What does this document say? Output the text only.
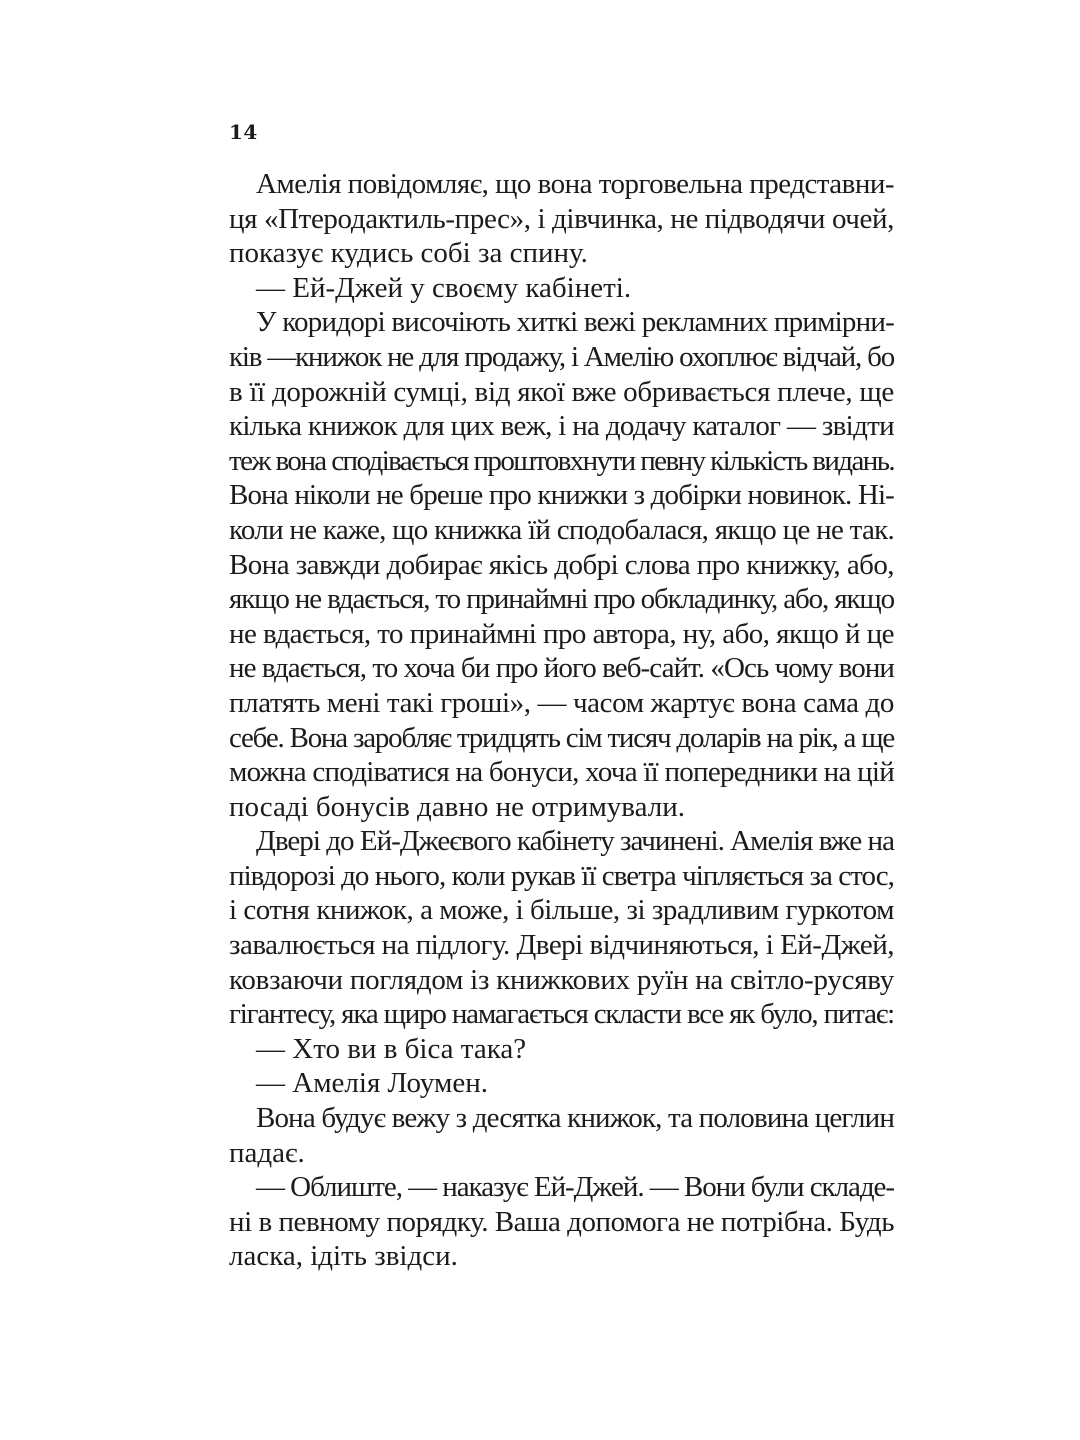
14
Амелія повідомляє, що вона торговельна представни-
ця «Птеродактиль-прес», і дівчинка, не підводячи очей,
показує кудись собі за спину.
— Ей-Джей у своєму кабінеті.
У коридорі височіють хиткі вежі рекламних примірни-
ків —книжок не для продажу, і Амелію охоплює відчай, бо
в її дорожній сумці, від якої вже обривається плече, ще
кілька книжок для цих веж, і на додачу каталог — звідти
теж вона сподівається проштовхнути певну кількість видань.
Вона ніколи не бреше про книжки з добірки новинок. Ні-
коли не каже, що книжка їй сподобалася, якщо це не так.
Вона завжди добирає якісь добрі слова про книжку, або,
якщо не вдається, то принаймні про обкладинку, або, якщо
не вдається, то принаймні про автора, ну, або, якщо й це
не вдається, то хоча би про його веб-сайт. «Ось чому вони
платять мені такі гроші», — часом жартує вона сама до
себе. Вона заробляє тридцять сім тисяч доларів на рік, а ще
можна сподіватися на бонуси, хоча її попередники на цій
посаді бонусів давно не отримували.
Двері до Ей-Джеєвого кабінету зачинені. Амелія вже на
півдорозі до нього, коли рукав її светра чіпляється за стос,
і сотня книжок, а може, і більше, зі зрадливим гуркотом
завалюється на підлогу. Двері відчиняються, і Ей-Джей,
ковзаючи поглядом із книжкових руїн на світло-русяву
гігантесу, яка щиро намагається скласти все як було, питає:
— Хто ви в біса така?
— Амелія Лоумен.
Вона будує вежу з десятка книжок, та половина цеглин
падає.
— Облиште, — наказує Ей-Джей. — Вони були складе-
ні в певному порядку. Ваша допомога не потрібна. Будь
ласка, ідіть звідси.
